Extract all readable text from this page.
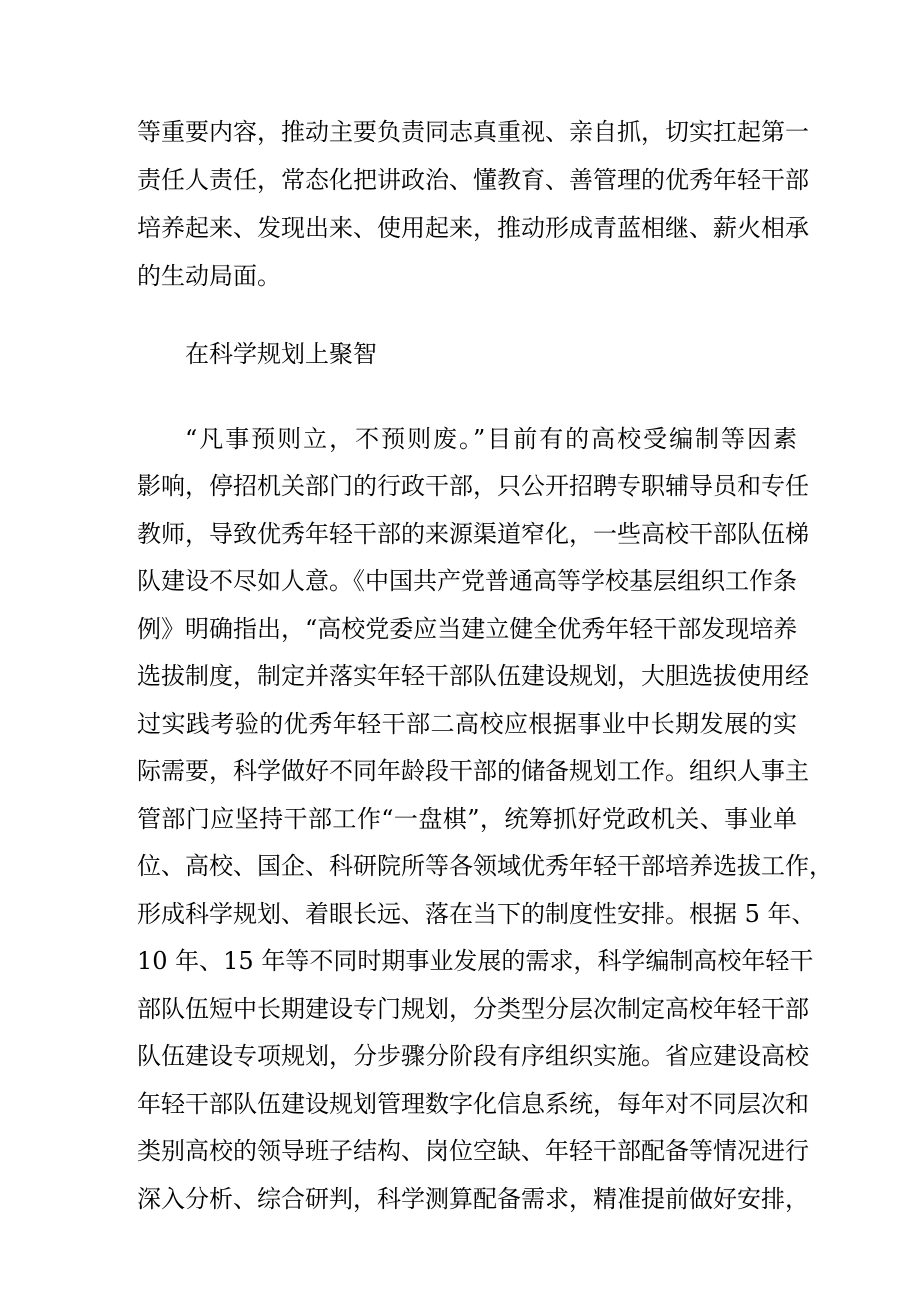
等重要内容，推动主要负责同志真重视、亲自抓，切实扛起第一

责任人责任，常态化把讲政治、懂教育、善管理的优秀年轻干部

培养起来、发现出来、使用起来，推动形成青蓝相继、薪火相承

的生动局面。

在科学规划上聚智

“凡事预则立，不预则废。”目前有的高校受编制等因素

影响，停招机关部门的行政干部，只公开招聘专职辅导员和专任

教师，导致优秀年轻干部的来源渠道窄化，一些高校干部队伍梯

队建设不尽如人意。《中国共产党普通高等学校基层组织工作条

例》明确指出，“高校党委应当建立健全优秀年轻干部发现培养

选拔制度，制定并落实年轻干部队伍建设规划，大胆选拔使用经

过实践考验的优秀年轻干部二高校应根据事业中长期发展的实

际需要，科学做好不同年龄段干部的储备规划工作。组织人事主

管部门应坚持干部工作“一盘棋”，统筹抓好党政机关、事业单

位、高校、国企、科研院所等各领域优秀年轻干部培养选拔工作，

形成科学规划、着眼长远、落在当下的制度性安排。根据 5 年、

10 年、15 年等不同时期事业发展的需求，科学编制高校年轻干

部队伍短中长期建设专门规划，分类型分层次制定高校年轻干部

队伍建设专项规划，分步骤分阶段有序组织实施。省应建设高校

年轻干部队伍建设规划管理数字化信息系统，每年对不同层次和

类别高校的领导班子结构、岗位空缺、年轻干部配备等情况进行

深入分析、综合研判，科学测算配备需求，精准提前做好安排，
